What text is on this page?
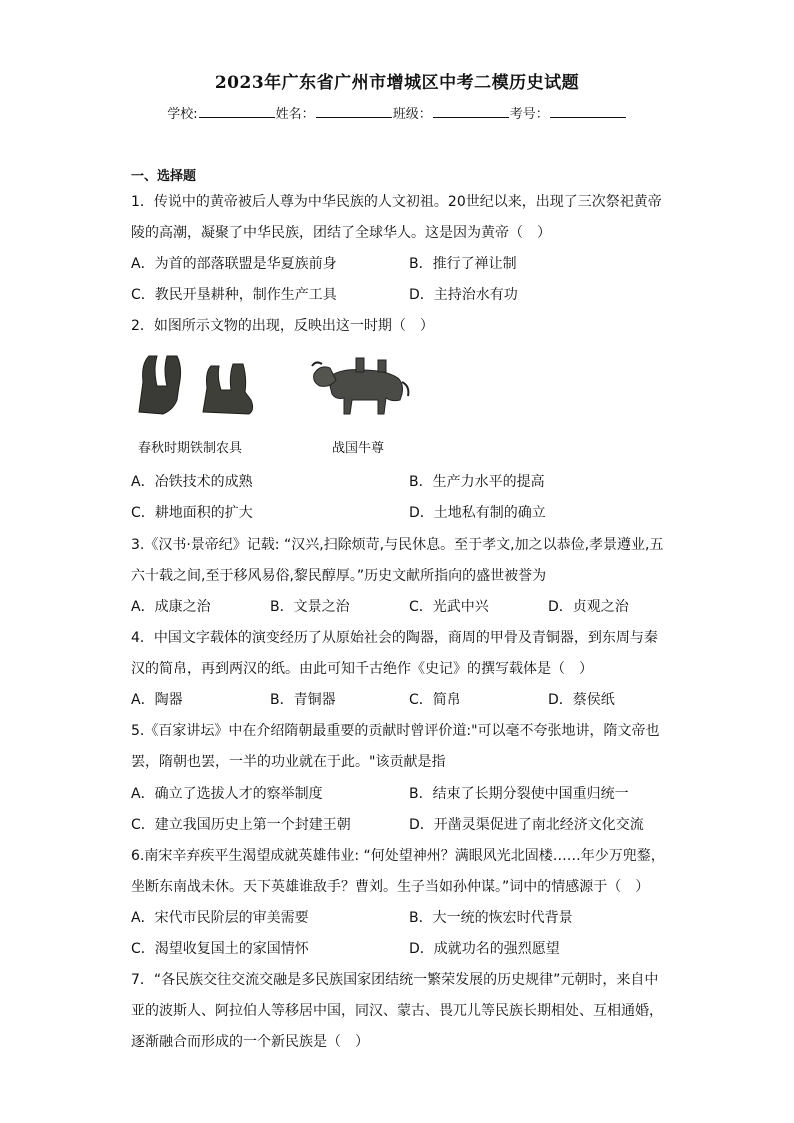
2023年广东省广州市增城区中考二模历史试题
学校:	姓名：	班级：	考号：
一、选择题
1．传说中的黄帝被后人尊为中华民族的人文初祖。20世纪以来，出现了三次祭祀黄帝
陵的高潮，凝聚了中华民族，团结了全球华人。这是因为黄帝（　）
A．为首的部落联盟是华夏族前身	B．推行了禅让制
C．教民开垦耕种，制作生产工具	D．主持治水有功
2．如图所示文物的出现，反映出这一时期（　）
春秋时期铁制农具	战国牛尊
A．冶铁技术的成熟	B．生产力水平的提高
C．耕地面积的扩大	D．土地私有制的确立
3.《汉书·景帝纪》记载: “汉兴,扫除烦苛,与民休息。至于孝文,加之以恭俭,孝景遵业,五
六十载之间,至于移风易俗,黎民醇厚。”历史文献所指向的盛世被誉为
A．成康之治	B．文景之治	C．光武中兴	D．贞观之治
4．中国文字载体的演变经历了从原始社会的陶器，商周的甲骨及青铜器，到东周与秦
汉的简帛，再到两汉的纸。由此可知千古绝作《史记》的撰写载体是（　）
A．陶器	B．青铜器	C．简帛	D．蔡侯纸
5.《百家讲坛》中在介绍隋朝最重要的贡献时曾评价道:"可以毫不夸张地讲，隋文帝也
罢，隋朝也罢，一半的功业就在于此。"该贡献是指
A．确立了选拔人才的察举制度	B．结束了长期分裂使中国重归统一
C．建立我国历史上第一个封建王朝	D．开凿灵渠促进了南北经济文化交流
6.南宋辛弃疾平生渴望成就英雄伟业: “何处望神州？满眼风光北固楼……年少万兜鍪，
坐断东南战未休。天下英雄谁敌手？曹刘。生子当如孙仲谋。”词中的情感源于（　）
A．宋代市民阶层的审美需要	B．大一统的恢宏时代背景
C．渴望收复国土的家国情怀	D．成就功名的强烈愿望
7．“各民族交往交流交融是多民族国家团结统一繁荣发展的历史规律”元朝时，来自中
亚的波斯人、阿拉伯人等移居中国，同汉、蒙古、畏兀儿等民族长期相处、互相通婚，
逐渐融合而形成的一个新民族是（　）
